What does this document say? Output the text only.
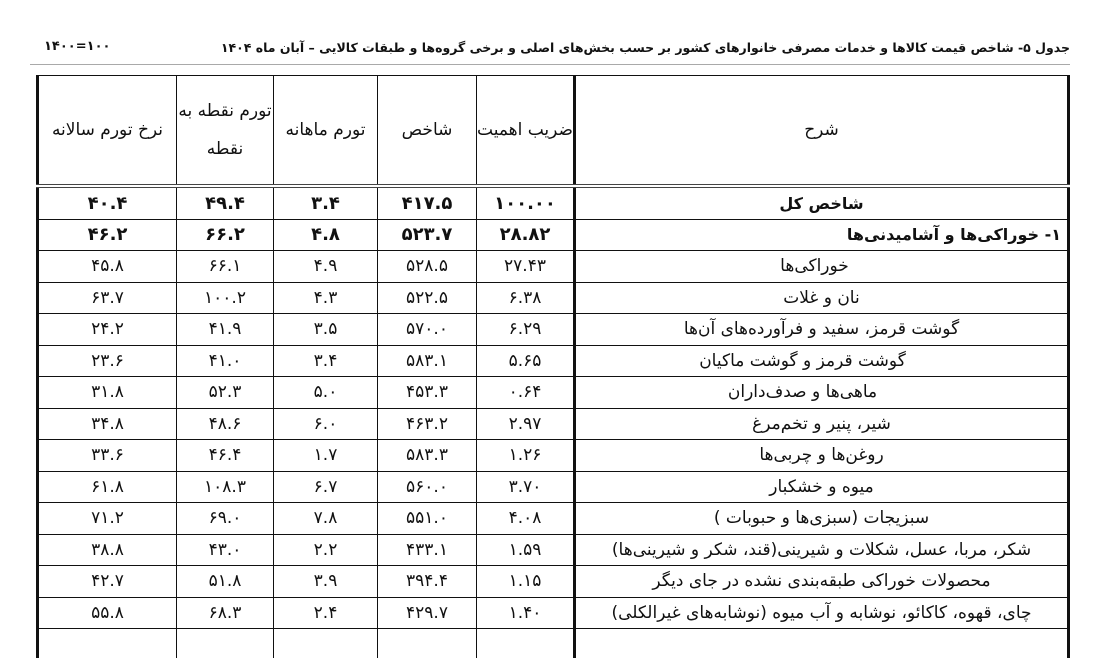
۱۴۰۰=۱۰۰	جدول ۵- شاخص قیمت کالاها و خدمات مصرفی خانوارهای کشور بر حسب بخش‌های اصلی و برخی گروه‌ها و طبقات کالایی – آبان ماه ۱۴۰۴
نرخ تورم سالانه	تورم نقطه به نقطه	تورم ماهانه	شاخص	ضریب اهمیت	شرح
۴۰.۴	۴۹.۴	۳.۴	۴۱۷.۵	۱۰۰.۰۰	شاخص کل
۴۶.۲	۶۶.۲	۴.۸	۵۲۳.۷	۲۸.۸۲	۱- خوراکی‌ها و آشامیدنی‌ها
۴۵.۸	۶۶.۱	۴.۹	۵۲۸.۵	۲۷.۴۳	خوراکی‌ها
۶۳.۷	۱۰۰.۲	۴.۳	۵۲۲.۵	۶.۳۸	نان و غلات
۲۴.۲	۴۱.۹	۳.۵	۵۷۰.۰	۶.۲۹	گوشت قرمز، سفید و فرآورده‌های آن‌ها
۲۳.۶	۴۱.۰	۳.۴	۵۸۳.۱	۵.۶۵	گوشت قرمز و گوشت ماکیان
۳۱.۸	۵۲.۳	۵.۰	۴۵۳.۳	۰.۶۴	ماهی‌ها و صدف‌داران
۳۴.۸	۴۸.۶	۶.۰	۴۶۳.۲	۲.۹۷	شیر، پنیر و تخم‌مرغ
۳۳.۶	۴۶.۴	۱.۷	۵۸۳.۳	۱.۲۶	روغن‌ها و چربی‌ها
۶۱.۸	۱۰۸.۳	۶.۷	۵۶۰.۰	۳.۷۰	میوه و خشکبار
۷۱.۲	۶۹.۰	۷.۸	۵۵۱.۰	۴.۰۸	سبزیجات (سبزی‌ها و حبوبات )
۳۸.۸	۴۳.۰	۲.۲	۴۳۳.۱	۱.۵۹	شکر، مربا، عسل، شکلات و شیرینی(قند، شکر و شیرینی‌ها)
۴۲.۷	۵۱.۸	۳.۹	۳۹۴.۴	۱.۱۵	محصولات خوراکی طبقه‌بندی نشده در جای دیگر
۵۵.۸	۶۸.۳	۲.۴	۴۲۹.۷	۱.۴۰	چای، قهوه، کاکائو، نوشابه و آب میوه (نوشابه‌های غیرالکلی)
